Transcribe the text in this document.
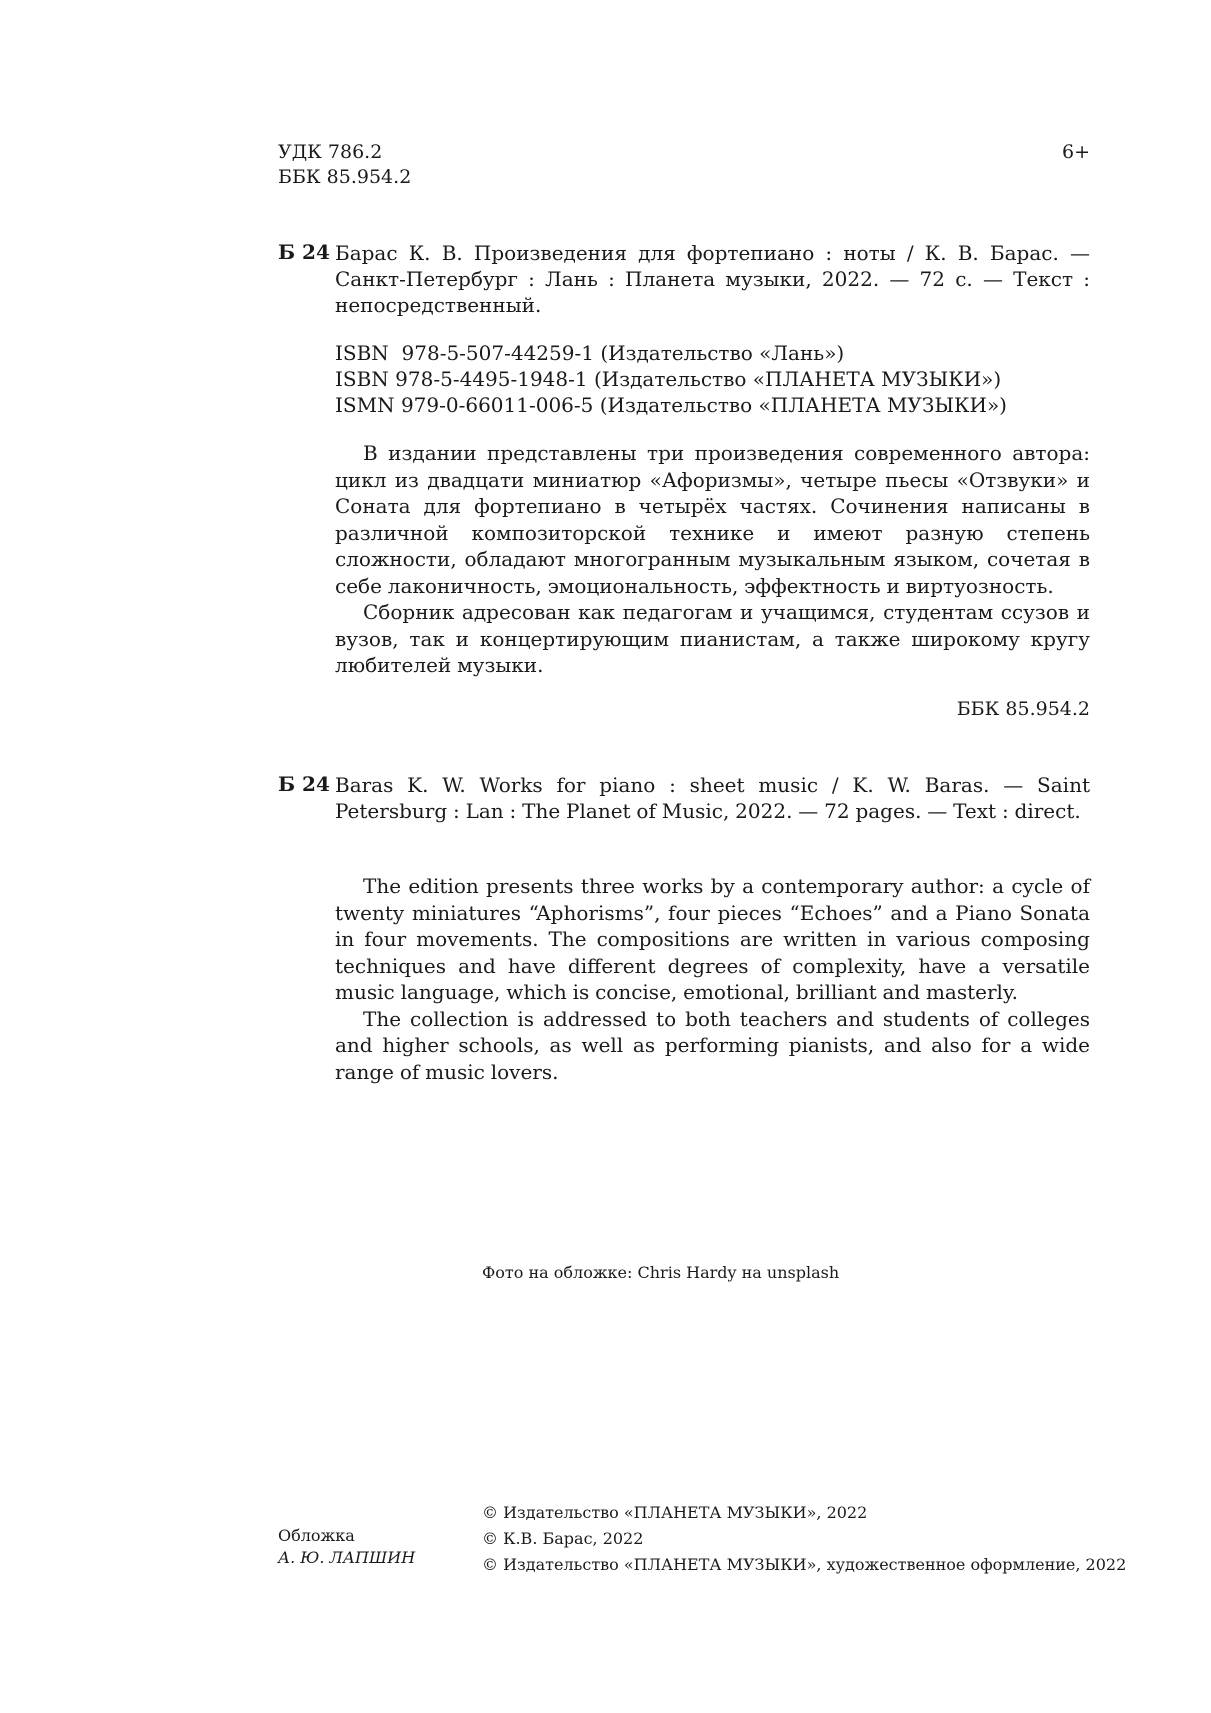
УДК 786.2
ББК 85.954.2
6+
Б 24 Барас К. В. Произведения для фортепиано : ноты / К. В. Барас. — Санкт-Петербург : Лань : Планета музыки, 2022. — 72 с. — Текст : непосредственный.
ISBN  978-5-507-44259-1 (Издательство «Лань»)
ISBN 978-5-4495-1948-1 (Издательство «ПЛАНЕТА МУЗЫКИ»)
ISMN 979-0-66011-006-5 (Издательство «ПЛАНЕТА МУЗЫКИ»)

В издании представлены три произведения современного автора: цикл из двадцати миниатюр «Афоризмы», четыре пьесы «Отзвуки» и Соната для фортепиано в четырёх частях. Сочинения написаны в различной композиторской технике и имеют разную степень сложности, обладают многогранным музыкальным языком, сочетая в себе лаконичность, эмоциональность, эффектность и виртуозность.

Сборник адресован как педагогам и учащимся, студентам ссузов и вузов, так и концертирующим пианистам, а также широкому кругу любителей музыки.

ББК 85.954.2
Б 24 Baras K. W. Works for piano : sheet music / K. W. Baras. — Saint Petersburg : Lan : The Planet of Music, 2022. — 72 pages. — Text : direct.

The edition presents three works by a contemporary author: a cycle of twenty miniatures “Aphorisms”, four pieces “Echoes” and a Piano Sonata in four movements. The compositions are written in various composing techniques and have different degrees of complexity, have a versatile music language, which is concise, emotional, brilliant and masterly.

The collection is addressed to both teachers and students of colleges and higher schools, as well as performing pianists, and also for a wide range of music lovers.

Фото на обложке: Chris Hardy на unsplash
Обложка
А. Ю. ЛАПШИН
© Издательство «ПЛАНЕТА МУЗЫКИ», 2022
© К.В. Барас, 2022
© Издательство «ПЛАНЕТА МУЗЫКИ», художественное оформление, 2022
